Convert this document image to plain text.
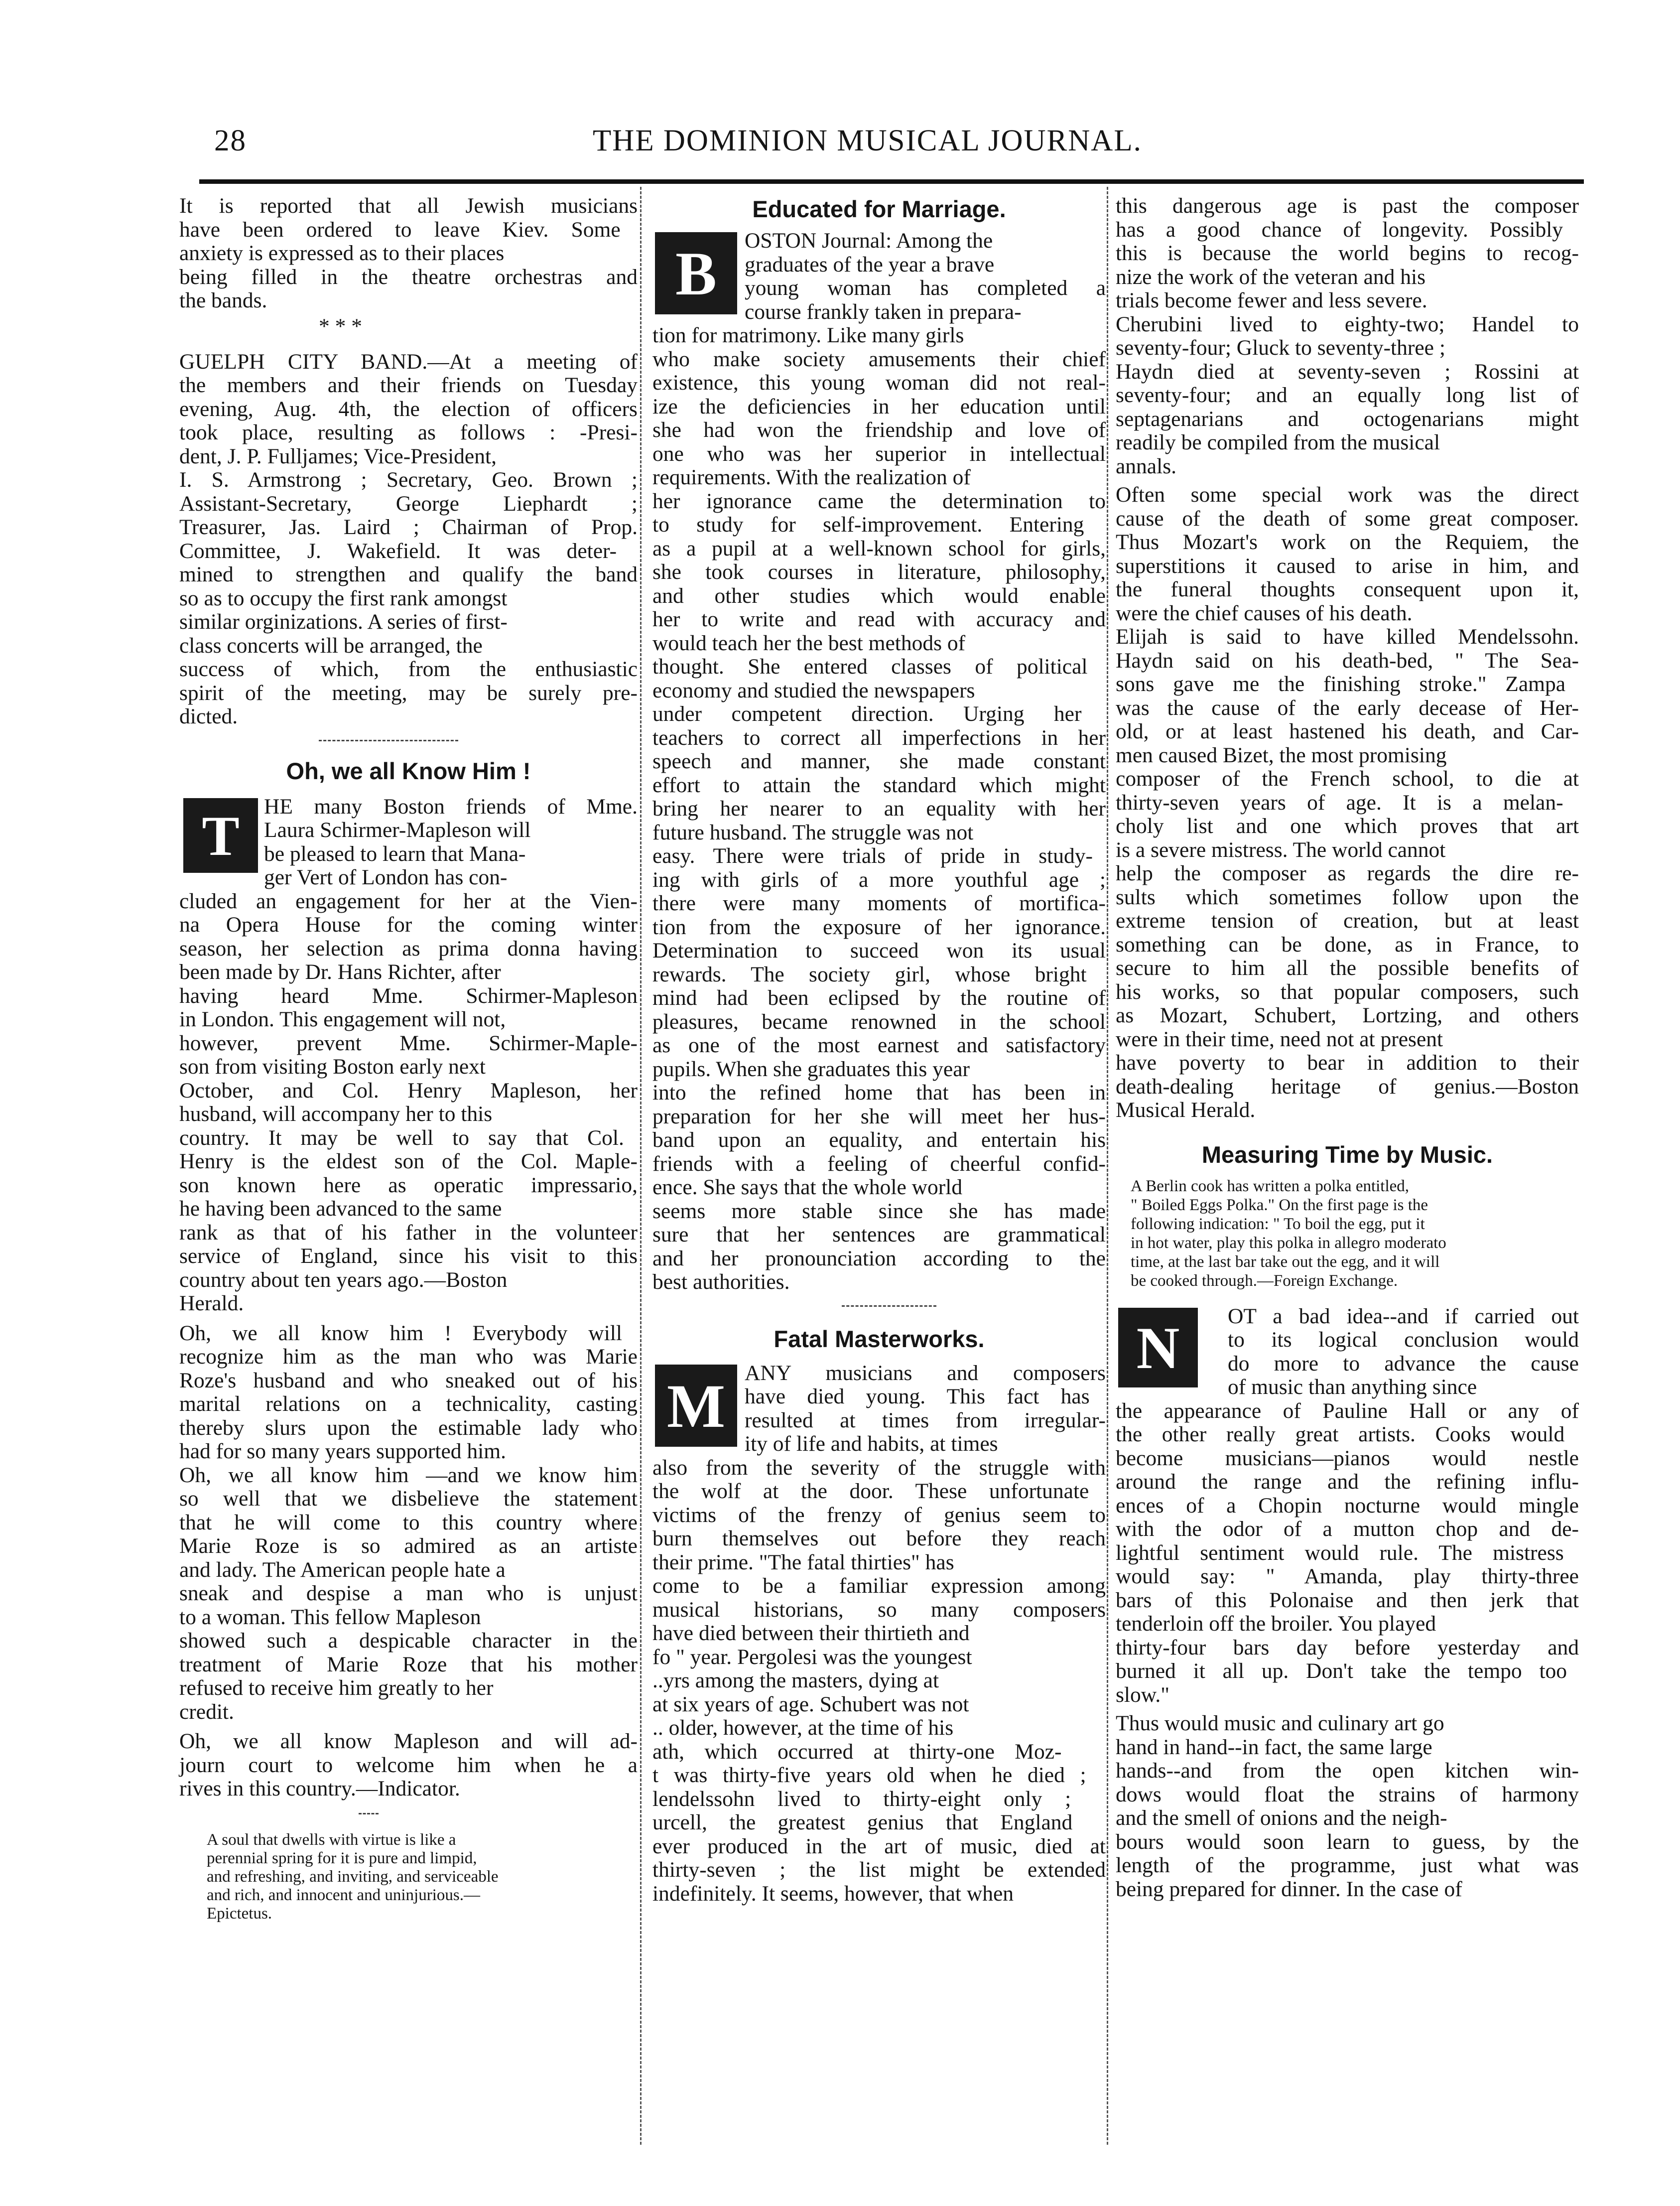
28	THE DOMINION MUSICAL JOURNAL.
It is reported that all Jewish musicians
have been ordered to leave Kiev. Some
anxiety is expressed as to their places
being filled in the theatre orchestras and
the bands.
* * *
GUELPH CITY BAND.—At a meeting of
the members and their friends on Tuesday
evening, Aug. 4th, the election of officers
took place, resulting as follows : -Presi-
dent, J. P. Fulljames; Vice-President,
I. S. Armstrong ; Secretary, Geo. Brown ;
Assistant-Secretary, George Liephardt ;
Treasurer, Jas. Laird ; Chairman of Prop.
Committee, J. Wakefield. It was deter-
mined to strengthen and qualify the band
so as to occupy the first rank amongst
similar orginizations. A series of first-
class concerts will be arranged, the
success of which, from the enthusiastic
spirit of the meeting, may be surely pre-
dicted.
Oh, we all Know Him !
T	HE many Boston friends of Mme.
Laura Schirmer-Mapleson will
be pleased to learn that Mana-
ger Vert of London has con-
cluded an engagement for her at the Vien-
na Opera House for the coming winter
season, her selection as prima donna having
been made by Dr. Hans Richter, after
having heard Mme. Schirmer-Mapleson
in London. This engagement will not,
however, prevent Mme. Schirmer-Maple-
son from visiting Boston early next
October, and Col. Henry Mapleson, her
husband, will accompany her to this
country. It may be well to say that Col.
Henry is the eldest son of the Col. Maple-
son known here as operatic impressario,
he having been advanced to the same
rank as that of his father in the volunteer
service of England, since his visit to this
country about ten years ago.—Boston
Herald.
Oh, we all know him ! Everybody will
recognize him as the man who was Marie
Roze's husband and who sneaked out of his
marital relations on a technicality, casting
thereby slurs upon the estimable lady who
had for so many years supported him.
Oh, we all know him —and we know him
so well that we disbelieve the statement
that he will come to this country where
Marie Roze is so admired as an artiste
and lady. The American people hate a
sneak and despise a man who is unjust
to a woman. This fellow Mapleson
showed such a despicable character in the
treatment of Marie Roze that his mother
refused to receive him greatly to her
credit.
Oh, we all know Mapleson and will ad-
journ court to welcome him when he a
rives in this country.—Indicator.
A soul that dwells with virtue is like a
perennial spring for it is pure and limpid,
and refreshing, and inviting, and serviceable
and rich, and innocent and uninjurious.—
Epictetus.
Educated for Marriage.
B	OSTON Journal: Among the
graduates of the year a brave
young woman has completed a
course frankly taken in prepara-
tion for matrimony. Like many girls
who make society amusements their chief
existence, this young woman did not real-
ize the deficiencies in her education until
she had won the friendship and love of
one who was her superior in intellectual
requirements. With the realization of
her ignorance came the determination to
to study for self-improvement. Entering
as a pupil at a well-known school for girls,
she took courses in literature, philosophy,
and other studies which would enable
her to write and read with accuracy and
would teach her the best methods of
thought. She entered classes of political
economy and studied the newspapers
under competent direction. Urging her
teachers to correct all imperfections in her
speech and manner, she made constant
effort to attain the standard which might
bring her nearer to an equality with her
future husband. The struggle was not
easy. There were trials of pride in study-
ing with girls of a more youthful age ;
there were many moments of mortifica-
tion from the exposure of her ignorance.
Determination to succeed won its usual
rewards. The society girl, whose bright
mind had been eclipsed by the routine of
pleasures, became renowned in the school
as one of the most earnest and satisfactory
pupils. When she graduates this year
into the refined home that has been in
preparation for her she will meet her hus-
band upon an equality, and entertain his
friends with a feeling of cheerful confid-
ence. She says that the whole world
seems more stable since she has made
sure that her sentences are grammatical
and her pronounciation according to the
best authorities.
Fatal Masterworks.
M ANY musicians and composers
have died young. This fact has
resulted at times from irregular-
ity of life and habits, at times
also from the severity of the struggle with
the wolf at the door. These unfortunate
victims of the frenzy of genius seem to
burn themselves out before they reach
their prime. "The fatal thirties" has
come to be a familiar expression among
musical historians, so many composers
have died between their thirtieth and
fo " year. Pergolesi was the youngest
..yrs among the masters, dying at
at six years of age. Schubert was not
.. older, however, at the time of his
ath, which occurred at thirty-one Moz-
t was thirty-five years old when he died ;
lendelssohn lived to thirty-eight only ;
urcell, the greatest genius that England
ever produced in the art of music, died at
thirty-seven ; the list might be extended
indefinitely. It seems, however, that when
this dangerous age is past the composer
has a good chance of longevity. Possibly
this is because the world begins to recog-
nize the work of the veteran and his
trials become fewer and less severe.
Cherubini lived to eighty-two; Handel to
seventy-four; Gluck to seventy-three ;
Haydn died at seventy-seven ; Rossini at
seventy-four; and an equally long list of
septagenarians and octogenarians might
readily be compiled from the musical
annals.
Often some special work was the direct
cause of the death of some great composer.
Thus Mozart's work on the Requiem, the
superstitions it caused to arise in him, and
the funeral thoughts consequent upon it,
were the chief causes of his death.
Elijah is said to have killed Mendelssohn.
Haydn said on his death-bed, " The Sea-
sons gave me the finishing stroke." Zampa
was the cause of the early decease of Her-
old, or at least hastened his death, and Car-
men caused Bizet, the most promising
composer of the French school, to die at
thirty-seven years of age. It is a melan-
choly list and one which proves that art
is a severe mistress. The world cannot
help the composer as regards the dire re-
sults which sometimes follow upon the
extreme tension of creation, but at least
something can be done, as in France, to
secure to him all the possible benefits of
his works, so that popular composers, such
as Mozart, Schubert, Lortzing, and others
were in their time, need not at present
have poverty to bear in addition to their
death-dealing heritage of genius.—Boston
Musical Herald.
Measuring Time by Music.
A Berlin cook has written a polka entitled,
" Boiled Eggs Polka." On the first page is the
following indication: " To boil the egg, put it
in hot water, play this polka in allegro moderato
time, at the last bar take out the egg, and it will
be cooked through.—Foreign Exchange.
N	OT a bad idea--and if carried out
to its logical conclusion would
do more to advance the cause
of music than anything since
the appearance of Pauline Hall or any of
the other really great artists. Cooks would
become musicians—pianos would nestle
around the range and the refining influ-
ences of a Chopin nocturne would mingle
with the odor of a mutton chop and de-
lightful sentiment would rule. The mistress
would say: " Amanda, play thirty-three
bars of this Polonaise and then jerk that
tenderloin off the broiler. You played
thirty-four bars day before yesterday and
burned it all up. Don't take the tempo too
slow."
Thus would music and culinary art go
hand in hand--in fact, the same large
hands--and from the open kitchen win-
dows would float the strains of harmony
and the smell of onions and the neigh-
bours would soon learn to guess, by the
length of the programme, just what was
being prepared for dinner. In the case of
